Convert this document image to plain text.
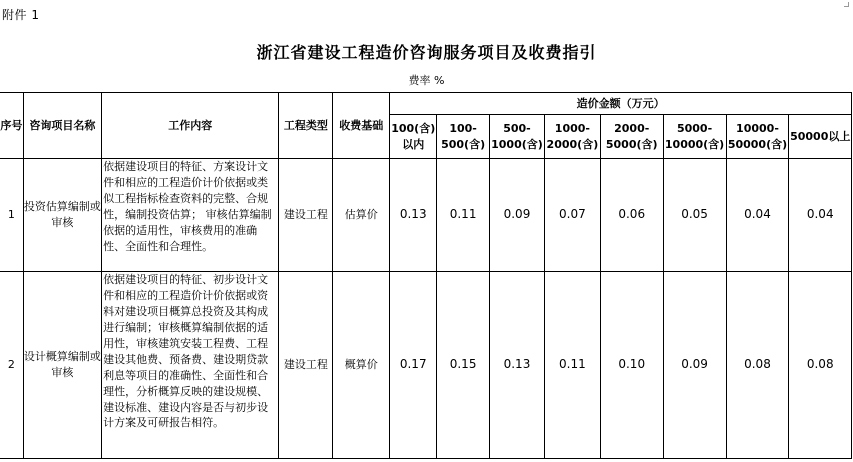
附件 1
浙江省建设工程造价咨询服务项目及收费指引
费率 %
序号	咨询项目名称	工作内容	工程类型	收费基础	造价金额（万元）							
					100(含)以内	100-500(含)	500-1000(含)	1000-2000(含)	2000-5000(含)	5000-10000(含)	10000-50000(含)	50000以上
1	投资估算编制或审核	依据建设项目的特征、方案设计文件和相应的工程造价计价依据或类似工程指标检查资料的完整、合规性，编制投资估算； 审核估算编制依据的适用性，审核费用的准确性、全面性和合理性。	建设工程	估算价	0.13	0.11	0.09	0.07	0.06	0.05	0.04	0.04
2	设计概算编制或审核	依据建设项目的特征、初步设计文件和相应的工程造价计价依据或资料对建设项目概算总投资及其构成进行编制；审核概算编制依据的适用性，审核建筑安装工程费、工程建设其他费、预备费、建设期贷款利息等项目的准确性、全面性和合理性，分析概算反映的建设规模、建设标准、建设内容是否与初步设计方案及可研报告相符。	建设工程	概算价	0.17	0.15	0.13	0.11	0.10	0.09	0.08	0.08
